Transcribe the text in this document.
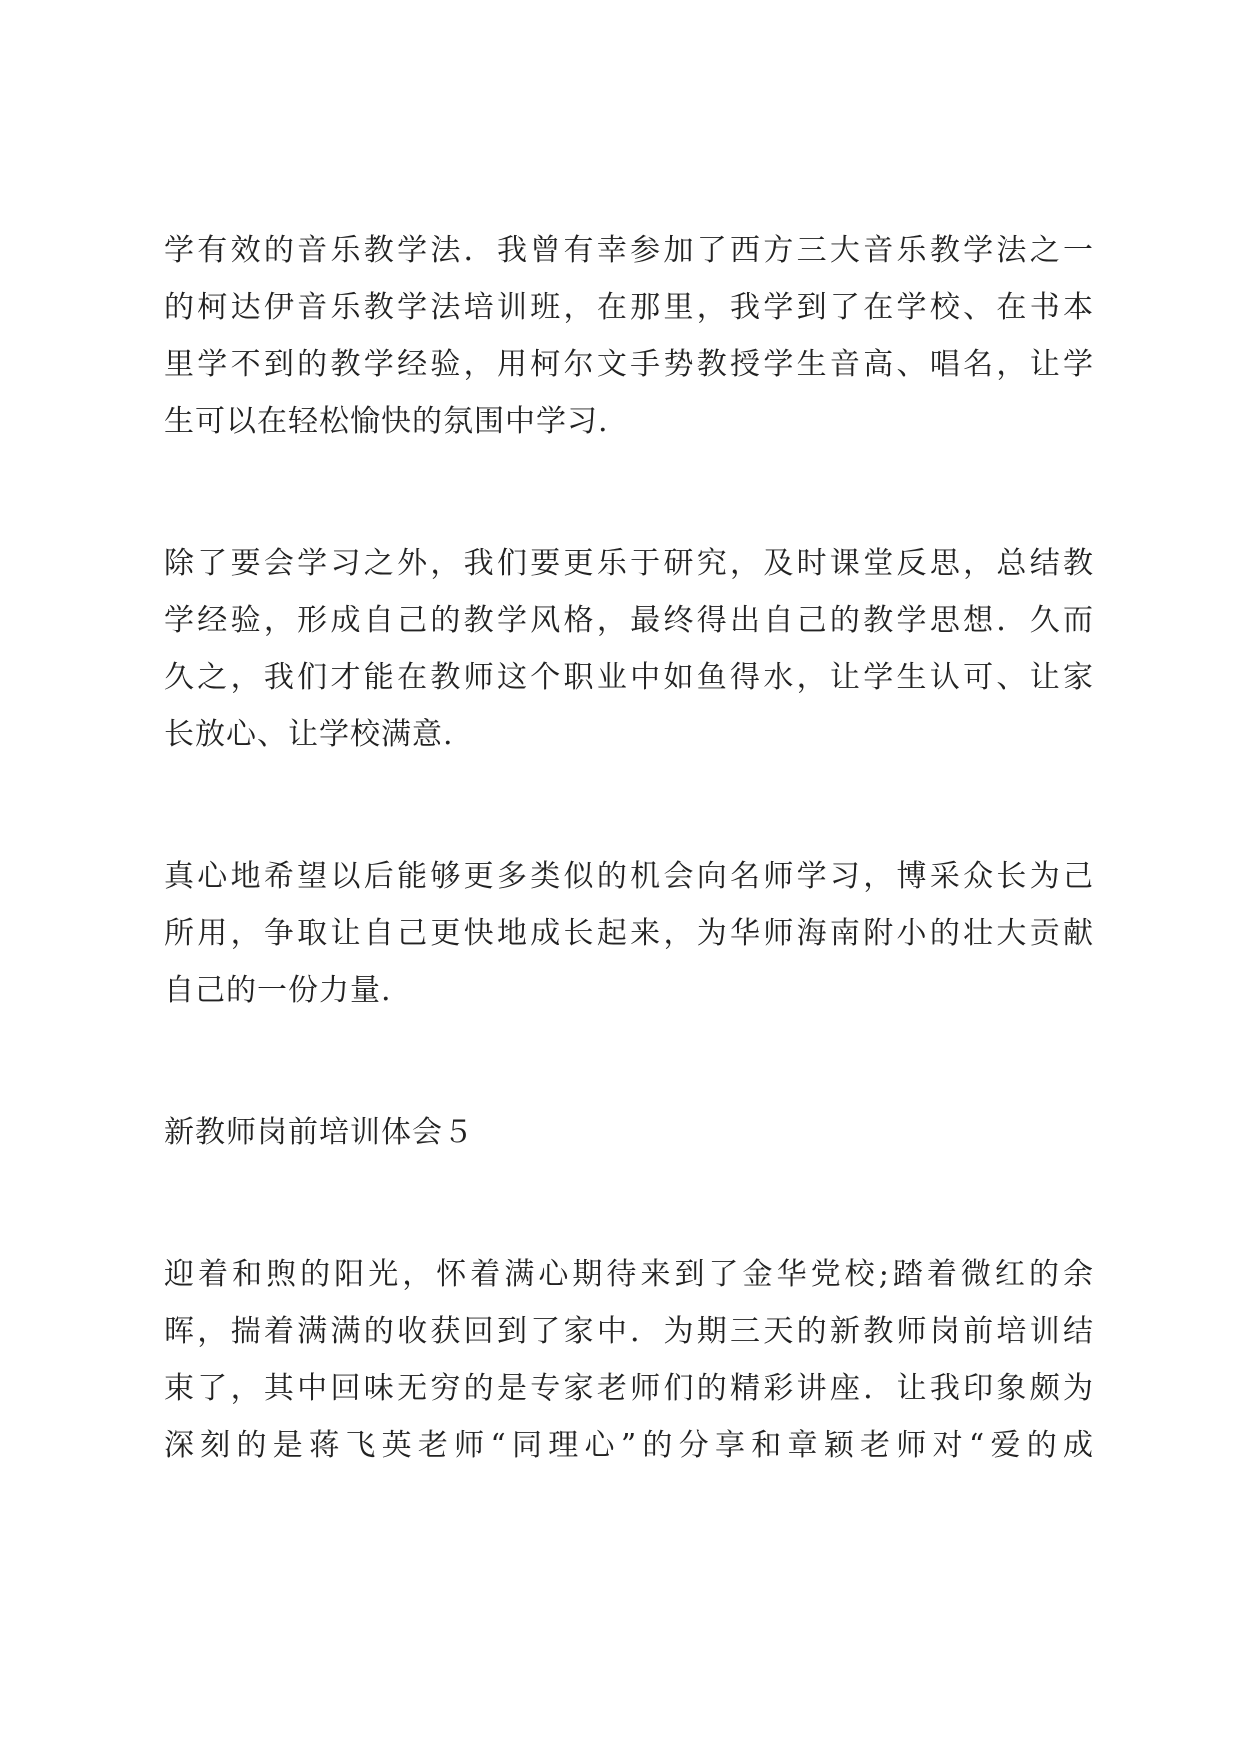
学有效的音乐教学法．我曾有幸参加了西方三大音乐教学法之一
的柯达伊音乐教学法培训班，在那里，我学到了在学校、在书本
里学不到的教学经验，用柯尔文手势教授学生音高、唱名，让学
生可以在轻松愉快的氛围中学习.

除了要会学习之外，我们要更乐于研究，及时课堂反思，总结教
学经验，形成自己的教学风格，最终得出自己的教学思想．久而
久之，我们才能在教师这个职业中如鱼得水，让学生认可、让家
长放心、让学校满意.

真心地希望以后能够更多类似的机会向名师学习，博采众长为己
所用，争取让自己更快地成长起来，为华师海南附小的壮大贡献
自己的一份力量.

新教师岗前培训体会５

迎着和煦的阳光，怀着满心期待来到了金华党校;踏着微红的余
晖，揣着满满的收获回到了家中．为期三天的新教师岗前培训结
束了，其中回味无穷的是专家老师们的精彩讲座．让我印象颇为
深刻的是蒋飞英老师“同理心”的分享和章颖老师对“爱的成
